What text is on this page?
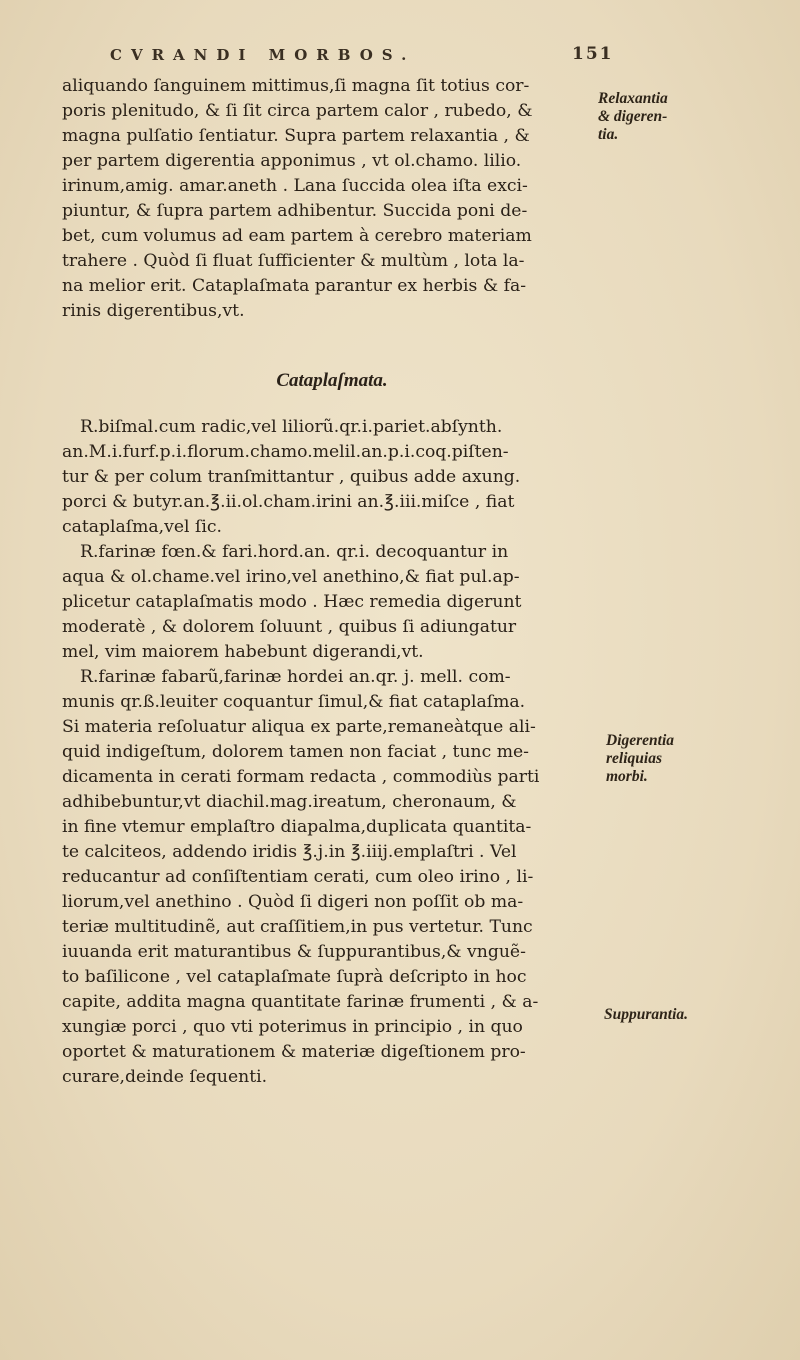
CVRANDI MORBOS.	151
aliquando ſanguinem mittimus,ſi magna ſit totius cor-
poris plenitudo, & ſi ſit circa partem calor , rubedo, &
magna pulſatio ſentiatur. Supra partem relaxantia , &
per partem digerentia apponimus , vt ol.chamo. lilio.
irinum,amig. amar.aneth . Lana ſuccida olea iſta exci-
piuntur, & ſupra partem adhibentur. Succida poni de-
bet, cum volumus ad eam partem à cerebro materiam
trahere . Quòd ſi fluat ſufficienter & multùm , lota la-
na melior erit. Cataplaſmata parantur ex herbis & fa-
rinis digerentibus,vt.
Cataplaſmata.
R.biſmal.cum radic,vel liliorũ.qr.i.pariet.abſynth.
an.M.i.furf.p.i.florum.chamo.melil.an.p.i.coq.piſten-
tur & per colum tranſmittantur , quibus adde axung.
porci & butyr.an.℥.ii.ol.cham.irini an.℥.iii.miſce , fiat
cataplaſma,vel ſic.
R.farinæ fœn.& fari.hord.an. qr.i. decoquantur in
aqua & ol.chame.vel irino,vel anethino,& fiat pul.ap-
plicetur cataplaſmatis modo . Hæc remedia digerunt
moderatè , & dolorem ſoluunt , quibus ſi adiungatur
mel, vim maiorem habebunt digerandi,vt.
R.farinæ fabarũ,farinæ hordei an.qr. j. mell. com-
munis qr.ß.leuiter coquantur ſimul,& fiat cataplaſma.
Si materia reſoluatur aliqua ex parte,remaneàtque ali-
quid indigeſtum, dolorem tamen non faciat , tunc me-
dicamenta in cerati formam redacta , commodiùs parti
adhibebuntur,vt diachil.mag.ireatum, cheronaum, &
in fine vtemur emplaſtro diapalma,duplicata quantita-
te calciteos, addendo iridis ℥.j.in ℥.iiij.emplaſtri . Vel
reducantur ad conſiſtentiam cerati, cum oleo irino , li-
liorum,vel anethino . Quòd ſi digeri non poſſit ob ma-
teriæ multitudinẽ, aut craſſitiem,in pus vertetur. Tunc
iuuanda erit maturantibus & ſuppurantibus,& vnguẽ-
to baſilicone , vel cataplaſmate ſuprà deſcripto in hoc
capite, addita magna quantitate farinæ frumenti , & a-
xungiæ porci , quo vti poterimus in principio , in quo
oportet & maturationem & materiæ digeſtionem pro-
curare,deinde ſequenti.
Relaxantia
& digeren-
tia.
Digerentia
reliquias
morbi.
Suppurantia.
